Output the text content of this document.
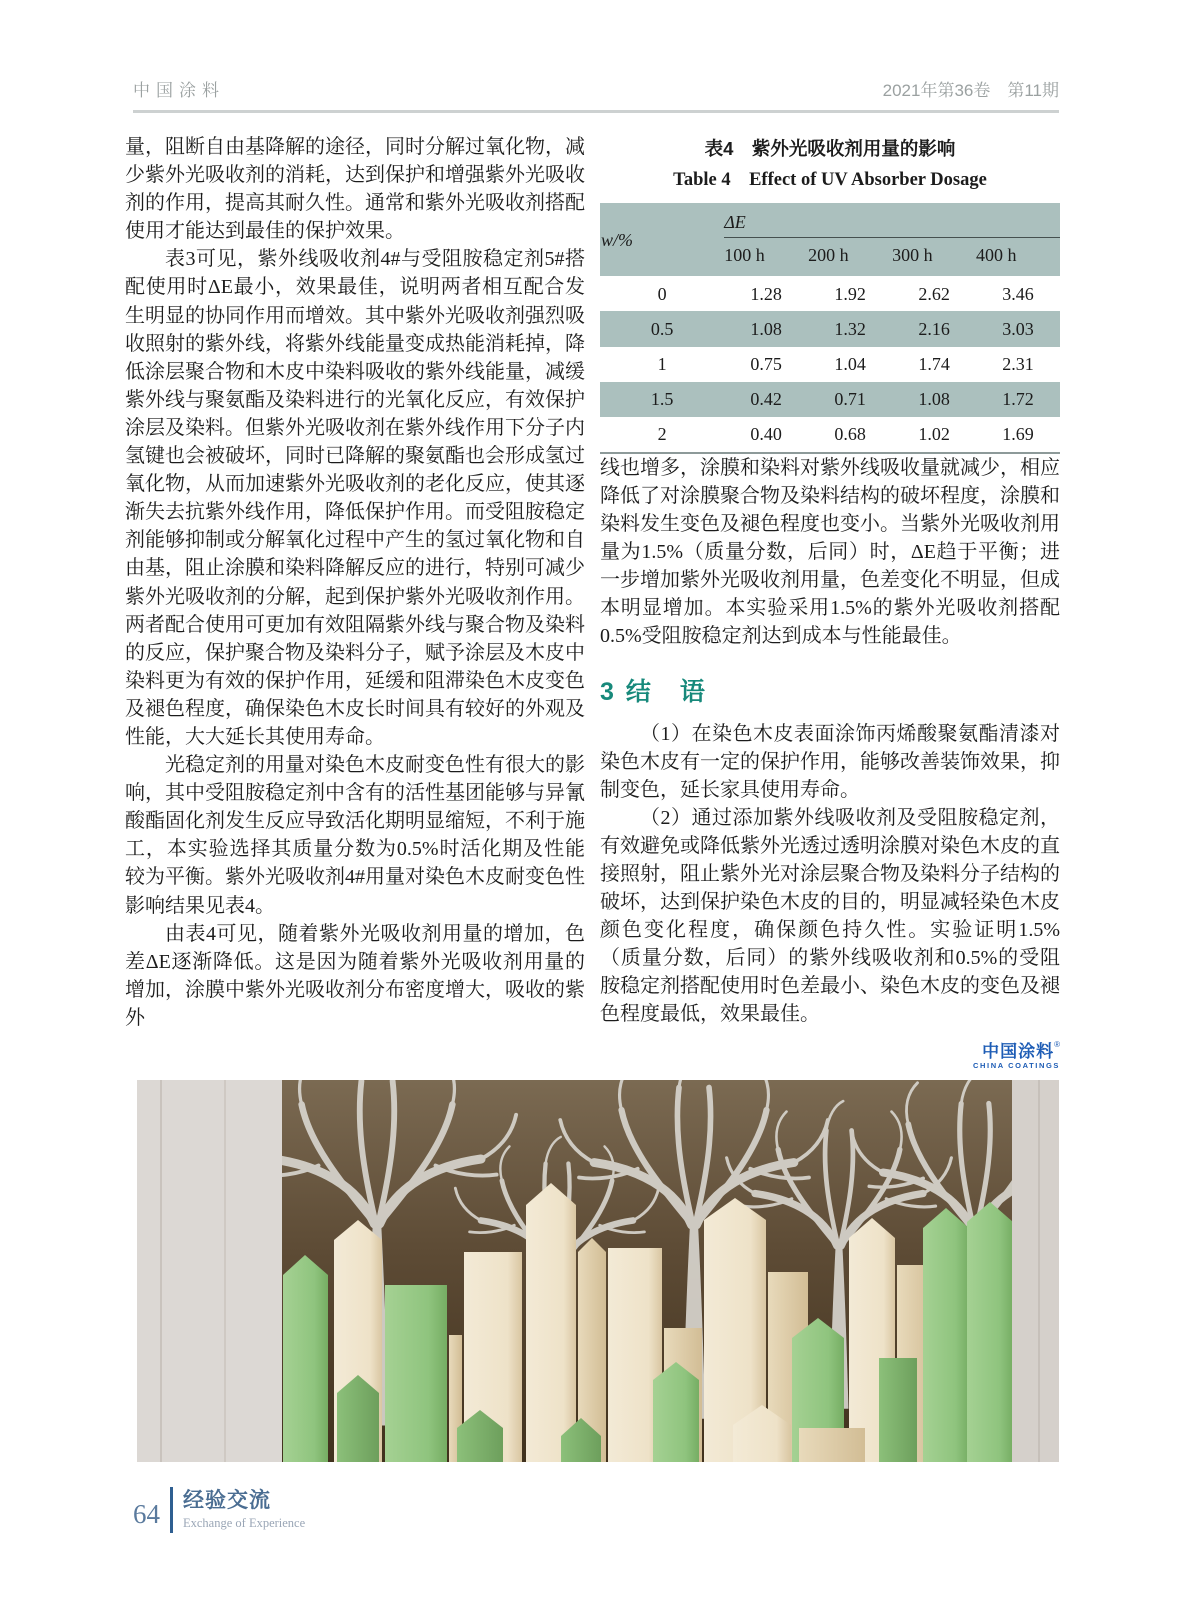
中国涂料	2021年第36卷　第11期

量，阻断自由基降解的途径，同时分解过氧化物，减少紫外光吸收剂的消耗，达到保护和增强紫外光吸收剂的作用，提高其耐久性。通常和紫外光吸收剂搭配使用才能达到最佳的保护效果。

表3可见，紫外线吸收剂4#与受阻胺稳定剂5#搭配使用时ΔE最小，效果最佳，说明两者相互配合发生明显的协同作用而增效。其中紫外光吸收剂强烈吸收照射的紫外线，将紫外线能量变成热能消耗掉，降低涂层聚合物和木皮中染料吸收的紫外线能量，减缓紫外线与聚氨酯及染料进行的光氧化反应，有效保护涂层及染料。但紫外光吸收剂在紫外线作用下分子内氢键也会被破坏，同时已降解的聚氨酯也会形成氢过氧化物，从而加速紫外光吸收剂的老化反应，使其逐渐失去抗紫外线作用，降低保护作用。而受阻胺稳定剂能够抑制或分解氧化过程中产生的氢过氧化物和自由基，阻止涂膜和染料降解反应的进行，特别可减少紫外光吸收剂的分解，起到保护紫外光吸收剂作用。两者配合使用可更加有效阻隔紫外线与聚合物及染料的反应，保护聚合物及染料分子，赋予涂层及木皮中染料更为有效的保护作用，延缓和阻滞染色木皮变色及褪色程度，确保染色木皮长时间具有较好的外观及性能，大大延长其使用寿命。

光稳定剂的用量对染色木皮耐变色性有很大的影响，其中受阻胺稳定剂中含有的活性基团能够与异氰酸酯固化剂发生反应导致活化期明显缩短，不利于施工，本实验选择其质量分数为0.5%时活化期及性能较为平衡。紫外光吸收剂4#用量对染色木皮耐变色性影响结果见表4。

由表4可见，随着紫外光吸收剂用量的增加，色差ΔE逐渐降低。这是因为随着紫外光吸收剂用量的增加，涂膜中紫外光吸收剂分布密度增大，吸收的紫外

表4　紫外光吸收剂用量的影响
Table 4　Effect of UV Absorber Dosage
w/%	ΔE			
	100 h	200 h	300 h	400 h
0	1.28	1.92	2.62	3.46
0.5	1.08	1.32	2.16	3.03
1	0.75	1.04	1.74	2.31
1.5	0.42	0.71	1.08	1.72
2	0.40	0.68	1.02	1.69

线也增多，涂膜和染料对紫外线吸收量就减少，相应降低了对涂膜聚合物及染料结构的破坏程度，涂膜和染料发生变色及褪色程度也变小。当紫外光吸收剂用量为1.5%（质量分数，后同）时，ΔE趋于平衡；进一步增加紫外光吸收剂用量，色差变化不明显，但成本明显增加。本实验采用1.5%的紫外光吸收剂搭配0.5%受阻胺稳定剂达到成本与性能最佳。

3 结　语

（1）在染色木皮表面涂饰丙烯酸聚氨酯清漆对染色木皮有一定的保护作用，能够改善装饰效果，抑制变色，延长家具使用寿命。

（2）通过添加紫外线吸收剂及受阻胺稳定剂，有效避免或降低紫外光透过透明涂膜对染色木皮的直接照射，阻止紫外光对涂层聚合物及染料分子结构的破坏，达到保护染色木皮的目的，明显减轻染色木皮颜色变化程度，确保颜色持久性。实验证明1.5%（质量分数，后同）的紫外线吸收剂和0.5%的受阻胺稳定剂搭配使用时色差最小、染色木皮的变色及褪色程度最低，效果最佳。

中国涂料®
CHINA COATINGS
64 经验交流
Exchange of Experience
